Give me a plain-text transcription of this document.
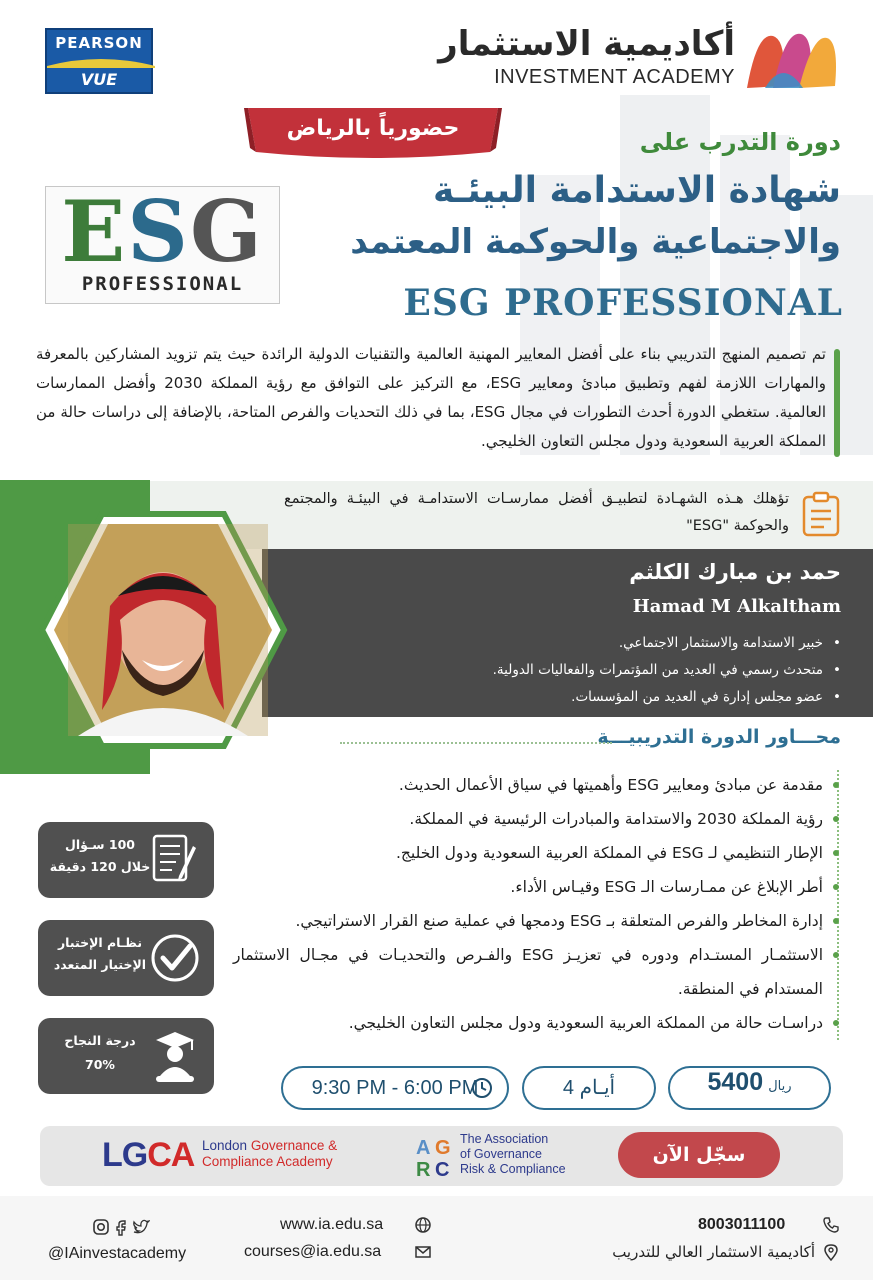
PEARSON
VUE
أكاديمية الاستثمار
INVESTMENT ACADEMY
حضورياً بالرياض	دورة التدرب على
شهادة الاستدامة البيئـة
والاجتماعية والحوكمة المعتمد
ESG PROFESSIONAL
ESG
PROFESSIONAL
تم تصميم المنهج التدريبي بناء على أفضل المعايير المهنية العالمية والتقنيات الدولية الرائدة حيث يتم تزويد المشاركين بالمعرفة والمهارات اللازمة لفهم وتطبيق مبادئ ومعايير ESG، مع التركيز على التوافق مع رؤية المملكة 2030 وأفضل الممارسات العالمية. ستغطي الدورة أحدث التطورات في مجال ESG، بما في ذلك التحديات والفرص المتاحة، بالإضافة إلى دراسات حالة من المملكة العربية السعودية ودول مجلس التعاون الخليجي.
تؤهلك هـذه الشهـادة لتطبيـق أفضل ممارسـات الاستدامـة في البيئـة والمجتمع والحوكمة "ESG"
حمد بن مبارك الكلثم
Hamad M Alkaltham
• خبير الاستدامة والاستثمار الاجتماعي.
• متحدث رسمي في العديد من المؤتمرات والفعاليات الدولية.
• عضو مجلس إدارة في العديد من المؤسسات.
محـــاور الدورة التدريبيـــة
مقدمة عن مبادئ ومعايير ESG وأهميتها في سياق الأعمال الحديث.
رؤية المملكة 2030 والاستدامة والمبادرات الرئيسية في المملكة.
الإطار التنظيمي لـ ESG في المملكة العربية السعودية ودول الخليج.
أطر الإبلاغ عن ممـارسات الـ ESG وقيـاس الأداء.
إدارة المخاطر والفرص المتعلقة بـ ESG ودمجها في عملية صنع القرار الاستراتيجي.
الاستثمـار المستـدام ودوره في تعزيـز ESG والفـرص والتحديـات في مجـال الاستثمار المستدام في المنطقة.
دراسـات حالة من المملكة العربية السعودية ودول مجلس التعاون الخليجي.
100 سـؤال
خلال 120 دقيقة
نظـام الإختبار
الإختيار المتعدد
درجة النجاح
70%
5400 ريال
4 أيـام
9:30 PM - 6:00 PM
LGCA London Governance &
Compliance Academy
A G
R C
The Association
of Governance
Risk & Compliance
سجّل الآن
@IAinvestacademy
www.ia.edu.sa
courses@ia.edu.sa
8003011100
أكاديمية الاستثمار العالي للتدريب
